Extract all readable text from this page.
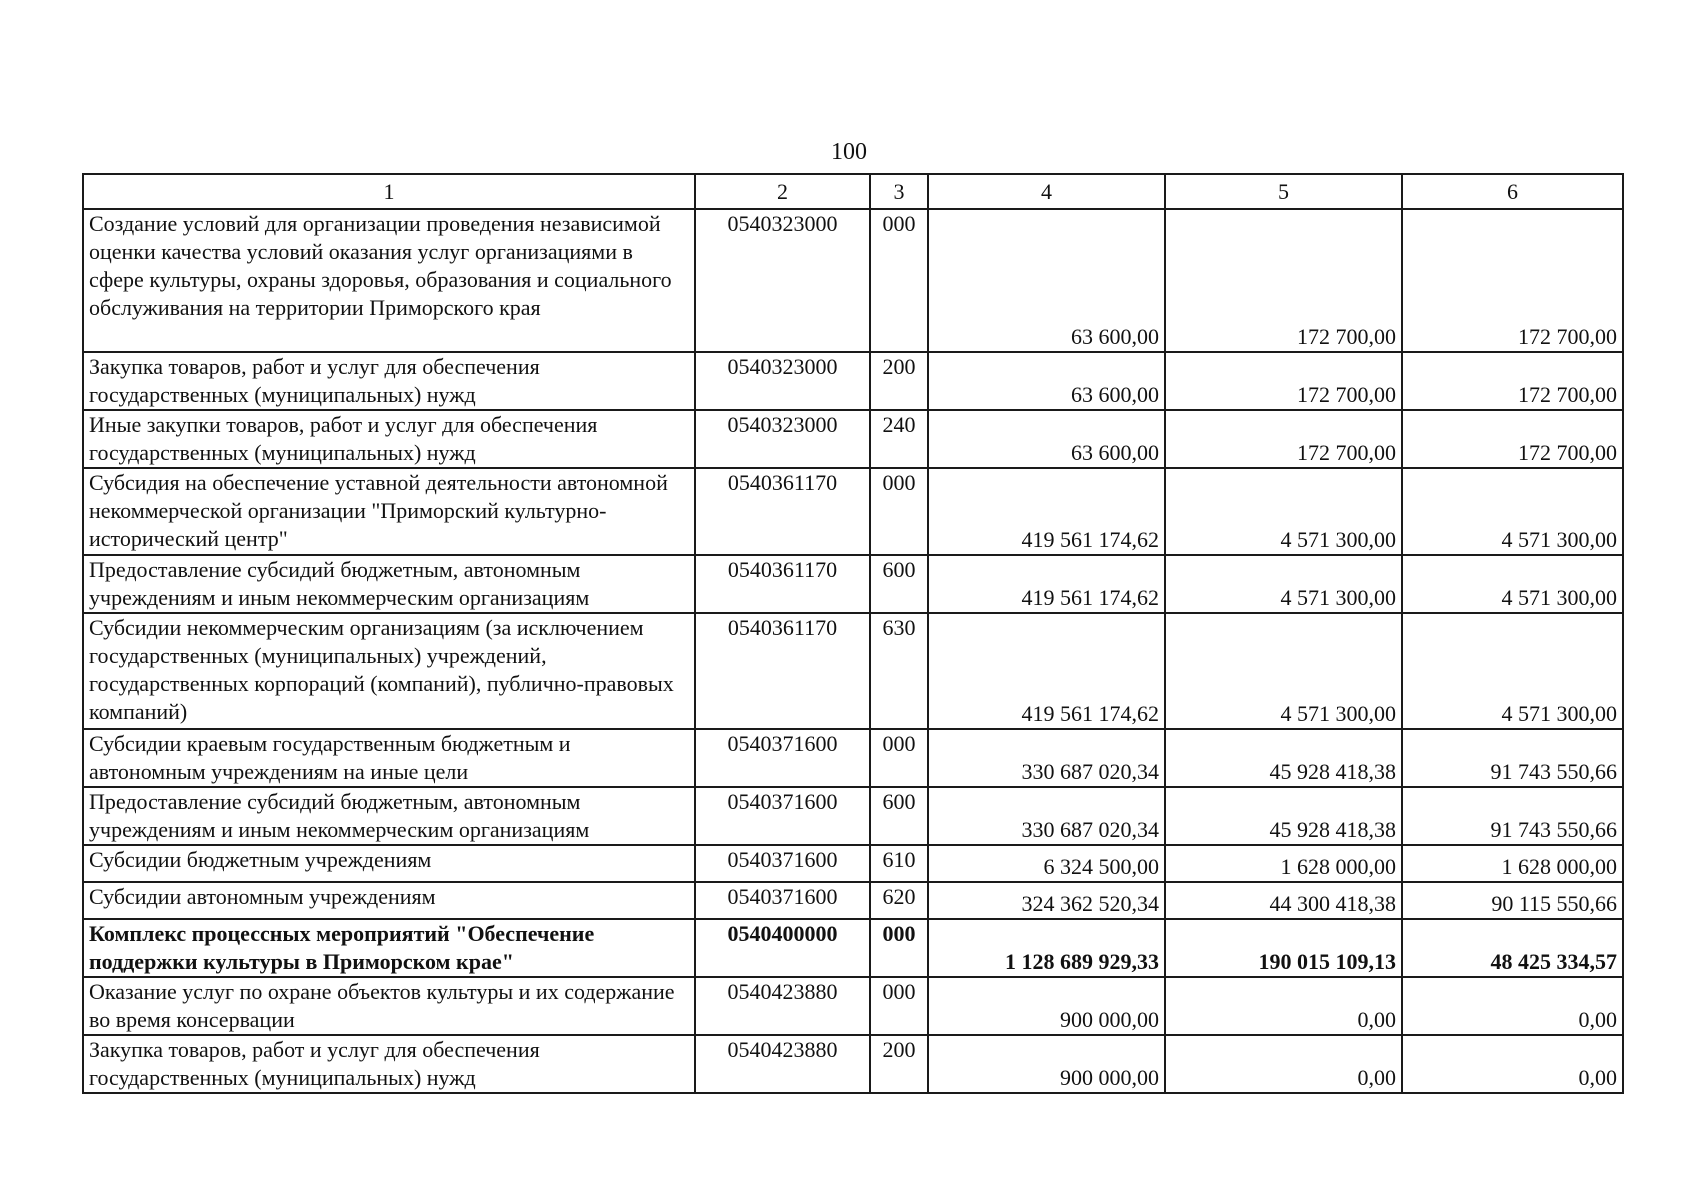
100
1	2	3	4	5	6
Создание условий для организации проведения независимой оценки качества условий оказания услуг организациями в сфере культуры, охраны здоровья, образования и социального обслуживания на территории Приморского края	0540323000	000	63 600,00	172 700,00	172 700,00
Закупка товаров, работ и услуг для обеспечения государственных (муниципальных) нужд	0540323000	200	63 600,00	172 700,00	172 700,00
Иные закупки товаров, работ и услуг для обеспечения государственных (муниципальных) нужд	0540323000	240	63 600,00	172 700,00	172 700,00
Субсидия на обеспечение уставной деятельности автономной некоммерческой организации "Приморский культурно-исторический центр"	0540361170	000	419 561 174,62	4 571 300,00	4 571 300,00
Предоставление субсидий бюджетным, автономным учреждениям и иным некоммерческим организациям	0540361170	600	419 561 174,62	4 571 300,00	4 571 300,00
Субсидии некоммерческим организациям (за исключением государственных (муниципальных) учреждений, государственных корпораций (компаний), публично-правовых компаний)	0540361170	630	419 561 174,62	4 571 300,00	4 571 300,00
Субсидии краевым государственным бюджетным и автономным учреждениям на иные цели	0540371600	000	330 687 020,34	45 928 418,38	91 743 550,66
Предоставление субсидий бюджетным, автономным учреждениям и иным некоммерческим организациям	0540371600	600	330 687 020,34	45 928 418,38	91 743 550,66
Субсидии бюджетным учреждениям	0540371600	610	6 324 500,00	1 628 000,00	1 628 000,00
Субсидии автономным учреждениям	0540371600	620	324 362 520,34	44 300 418,38	90 115 550,66
Комплекс процессных мероприятий "Обеспечение поддержки культуры в Приморском крае"	0540400000	000	1 128 689 929,33	190 015 109,13	48 425 334,57
Оказание услуг по охране объектов культуры и их содержание во время консервации	0540423880	000	900 000,00	0,00	0,00
Закупка товаров, работ и услуг для обеспечения государственных (муниципальных) нужд	0540423880	200	900 000,00	0,00	0,00
